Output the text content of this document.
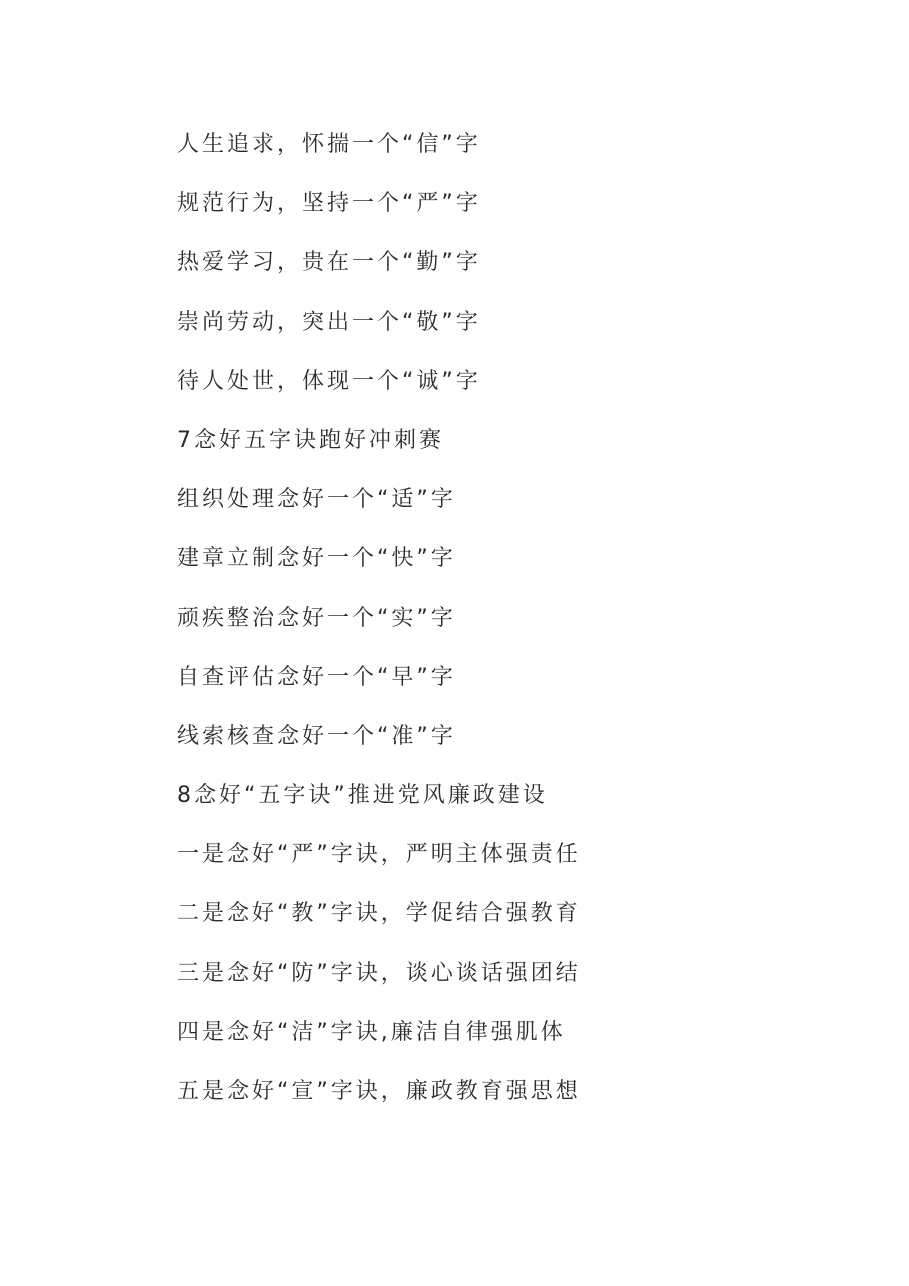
人生追求，怀揣一个“信”字
规范行为，坚持一个“严”字
热爱学习，贵在一个“勤”字
崇尚劳动，突出一个“敬”字
待人处世，体现一个“诚”字
7念好五字诀跑好冲刺赛
组织处理念好一个“适”字
建章立制念好一个“快”字
顽疾整治念好一个“实”字
自查评估念好一个“早”字
线索核查念好一个“准”字
8念好“五字诀”推进党风廉政建设
一是念好“严”字诀，严明主体强责任
二是念好“教”字诀，学促结合强教育
三是念好“防”字诀，谈心谈话强团结
四是念好“洁”字诀,廉洁自律强肌体
五是念好“宣”字诀，廉政教育强思想
